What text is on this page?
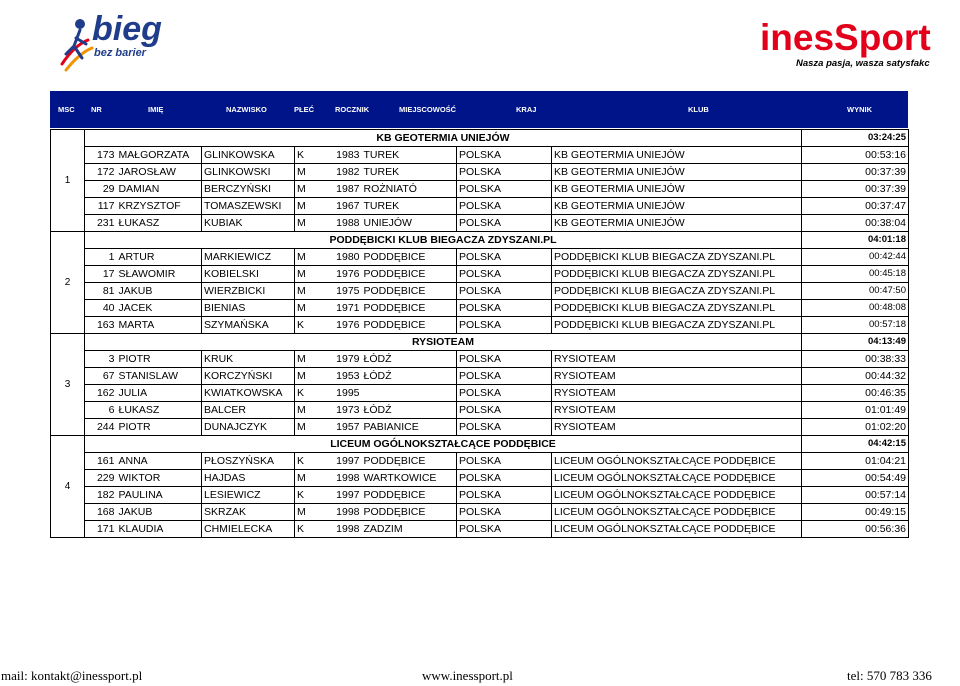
bieg
bez barier
PODDĘBICKI BIEG BEZ BARIER –
KLASYFIKACJA DRUŻYNOWA
Poddębice 31.05.2015
10 km
inesSport
Nasza pasja, wasza satysfakc
MSC NR	IMIĘ	NAZWISKO	PŁEĆ	ROCZNIK	MIEJSCOWOŚĆ	KRAJ	KLUB	WYNIK
1	KB GEOTERMIA UNIEJÓW								03:24:25
	173	MAŁGORZATA	GLINKOWSKA	K	1983	TUREK	POLSKA	KB GEOTERMIA UNIEJÓW	00:53:16
	172	JAROSŁAW	GLINKOWSKI	M	1982	TUREK	POLSKA	KB GEOTERMIA UNIEJÓW	00:37:39
	29	DAMIAN	BERCZYŃSKI	M	1987	ROŻNIATÓ	POLSKA	KB GEOTERMIA UNIEJÓW	00:37:39
	117	KRZYSZTOF	TOMASZEWSKI	M	1967	TUREK	POLSKA	KB GEOTERMIA UNIEJÓW	00:37:47
	231	ŁUKASZ	KUBIAK	M	1988	UNIEJÓW	POLSKA	KB GEOTERMIA UNIEJÓW	00:38:04
2	PODDĘBICKI KLUB BIEGACZA ZDYSZANI.PL								04:01:18
	1	ARTUR	MARKIEWICZ	M	1980	PODDĘBICE	POLSKA	PODDĘBICKI KLUB BIEGACZA ZDYSZANI.PL	00:42:44
	17	SŁAWOMIR	KOBIELSKI	M	1976	PODDĘBICE	POLSKA	PODDĘBICKI KLUB BIEGACZA ZDYSZANI.PL	00:45:18
	81	JAKUB	WIERZBICKI	M	1975	PODDĘBICE	POLSKA	PODDĘBICKI KLUB BIEGACZA ZDYSZANI.PL	00:47:50
	40	JACEK	BIENIAS	M	1971	PODDĘBICE	POLSKA	PODDĘBICKI KLUB BIEGACZA ZDYSZANI.PL	00:48:08
	163	MARTA	SZYMAŃSKA	K	1976	PODDĘBICE	POLSKA	PODDĘBICKI KLUB BIEGACZA ZDYSZANI.PL	00:57:18
3	RYSIOTEAM								04:13:49
	3	PIOTR	KRUK	M	1979	ŁÓDŹ	POLSKA	RYSIOTEAM	00:38:33
	67	STANISLAW	KORCZYŃSKI	M	1953	ŁÓDŹ	POLSKA	RYSIOTEAM	00:44:32
	162	JULIA	KWIATKOWSKA	K	1995		POLSKA	RYSIOTEAM	00:46:35
	6	ŁUKASZ	BALCER	M	1973	ŁÓDŹ	POLSKA	RYSIOTEAM	01:01:49
	244	PIOTR	DUNAJCZYK	M	1957	PABIANICE	POLSKA	RYSIOTEAM	01:02:20
4	LICEUM OGÓLNOKSZTAŁCĄCE PODDĘBICE								04:42:15
	161	ANNA	PŁOSZYŃSKA	K	1997	PODDĘBICE	POLSKA	LICEUM OGÓLNOKSZTAŁCĄCE PODDĘBICE	01:04:21
	229	WIKTOR	HAJDAS	M	1998	WARTKOWICE	POLSKA	LICEUM OGÓLNOKSZTAŁCĄCE PODDĘBICE	00:54:49
	182	PAULINA	LESIEWICZ	K	1997	PODDĘBICE	POLSKA	LICEUM OGÓLNOKSZTAŁCĄCE PODDĘBICE	00:57:14
	168	JAKUB	SKRZAK	M	1998	PODDĘBICE	POLSKA	LICEUM OGÓLNOKSZTAŁCĄCE PODDĘBICE	00:49:15
	171	KLAUDIA	CHMIELECKA	K	1998	ZADZIM	POLSKA	LICEUM OGÓLNOKSZTAŁCĄCE PODDĘBICE	00:56:36
mail: kontakt@inessport.pl	www.inessport.pl	tel: 570 783 336
